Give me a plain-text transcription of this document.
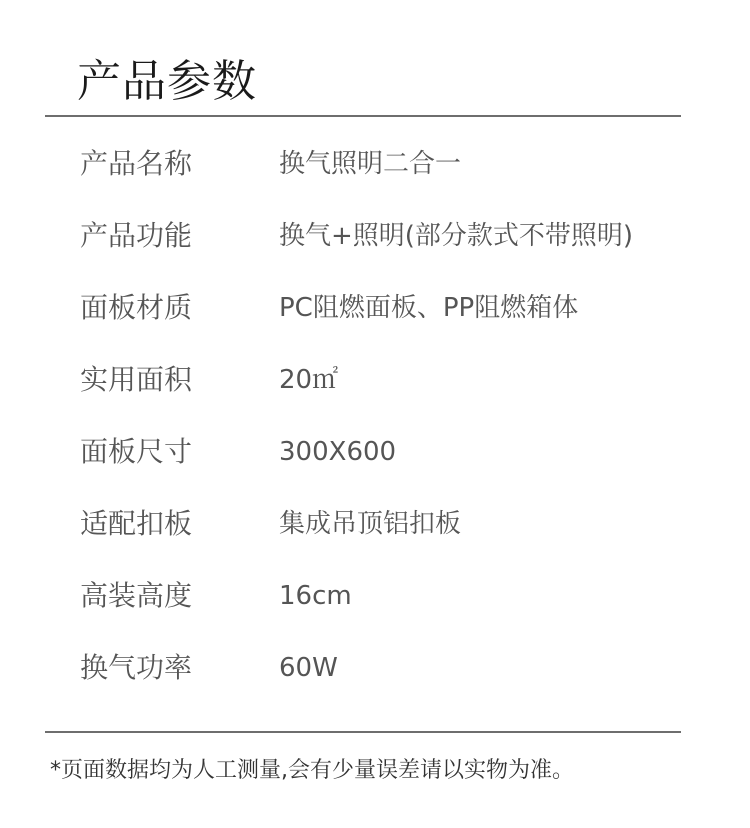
产品参数
产品名称	换气照明二合一
产品功能	换气+照明(部分款式不带照明)
面板材质	PC阻燃面板、PP阻燃箱体
实用面积	20㎡
面板尺寸	300X600
适配扣板	集成吊顶铝扣板
高装高度	16cm
换气功率	60W
*页面数据均为人工测量,会有少量误差请以实物为准。
